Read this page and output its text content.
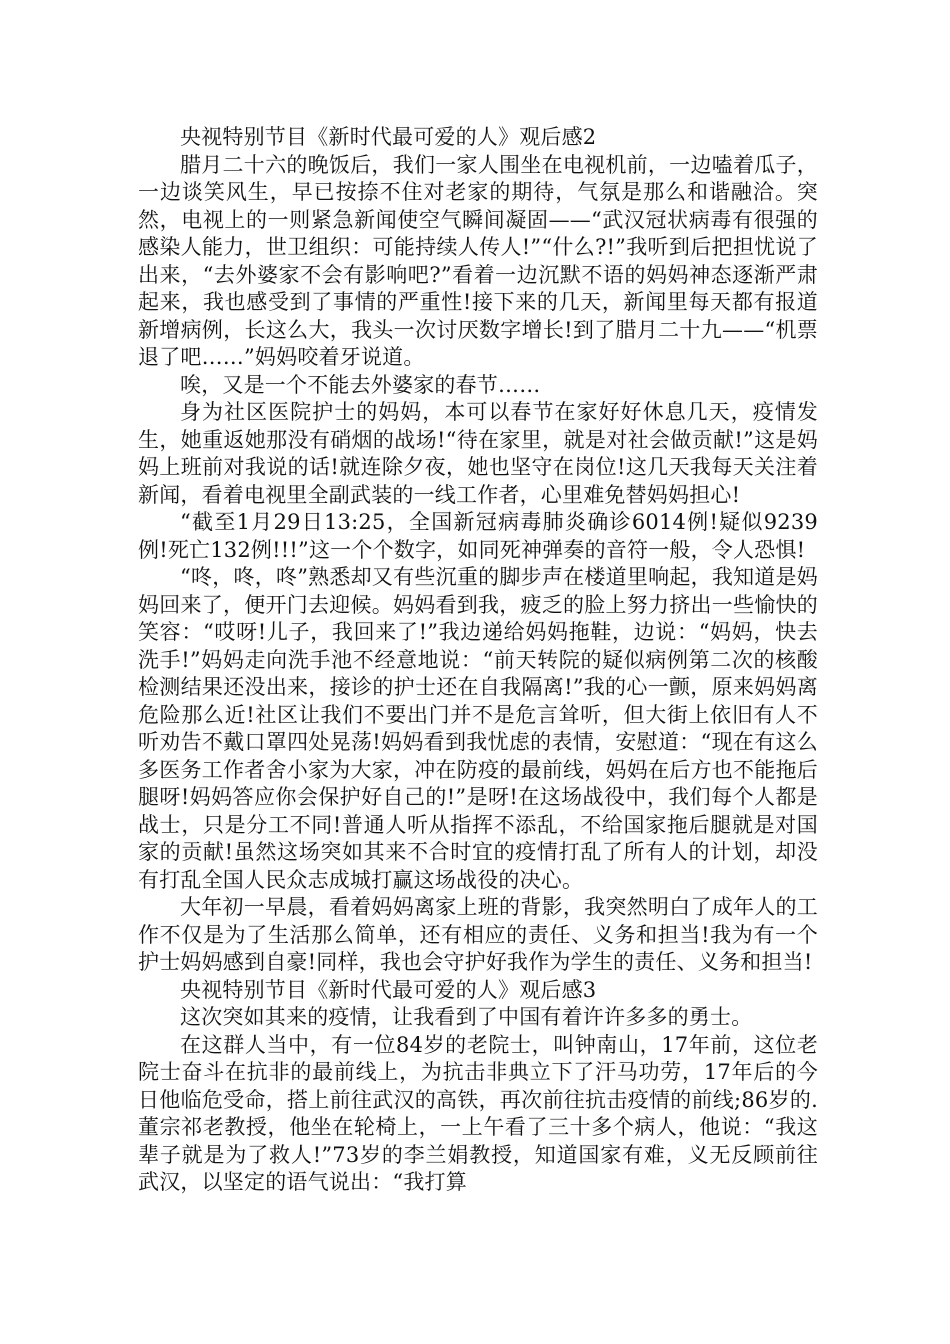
央视特别节目《新时代最可爱的人》观后感2

腊月二十六的晚饭后，我们一家人围坐在电视机前，一边嗑着瓜子，一边谈笑风生，早已按捺不住对老家的期待，气氛是那么和谐融洽。突然，电视上的一则紧急新闻使空气瞬间凝固——“武汉冠状病毒有很强的感染人能力，世卫组织：可能持续人传人!”“什么?!”我听到后把担忧说了出来，“去外婆家不会有影响吧?”看着一边沉默不语的妈妈神态逐渐严肃起来，我也感受到了事情的严重性!接下来的几天，新闻里每天都有报道新增病例，长这么大，我头一次讨厌数字增长!到了腊月二十九——“机票退了吧……”妈妈咬着牙说道。

唉，又是一个不能去外婆家的春节……

身为社区医院护士的妈妈，本可以春节在家好好休息几天，疫情发生，她重返她那没有硝烟的战场!“待在家里，就是对社会做贡献!”这是妈妈上班前对我说的话!就连除夕夜，她也坚守在岗位!这几天我每天关注着新闻，看着电视里全副武装的一线工作者，心里难免替妈妈担心!

“截至1月29日13:25，全国新冠病毒肺炎确诊6014例!疑似9239例!死亡132例!!!”这一个个数字，如同死神弹奏的音符一般，令人恐惧!

“咚，咚，咚”熟悉却又有些沉重的脚步声在楼道里响起，我知道是妈妈回来了，便开门去迎候。妈妈看到我，疲乏的脸上努力挤出一些愉快的笑容：“哎呀!儿子，我回来了!”我边递给妈妈拖鞋，边说：“妈妈，快去洗手!”妈妈走向洗手池不经意地说：“前天转院的疑似病例第二次的核酸检测结果还没出来，接诊的护士还在自我隔离!”我的心一颤，原来妈妈离危险那么近!社区让我们不要出门并不是危言耸听，但大街上依旧有人不听劝告不戴口罩四处晃荡!妈妈看到我忧虑的表情，安慰道：“现在有这么多医务工作者舍小家为大家，冲在防疫的最前线，妈妈在后方也不能拖后腿呀!妈妈答应你会保护好自己的!”是呀!在这场战役中，我们每个人都是战士，只是分工不同!普通人听从指挥不添乱，不给国家拖后腿就是对国家的贡献!虽然这场突如其来不合时宜的疫情打乱了所有人的计划，却没有打乱全国人民众志成城打赢这场战役的决心。

大年初一早晨，看着妈妈离家上班的背影，我突然明白了成年人的工作不仅是为了生活那么简单，还有相应的责任、义务和担当!我为有一个护士妈妈感到自豪!同样，我也会守护好我作为学生的责任、义务和担当!

央视特别节目《新时代最可爱的人》观后感3

这次突如其来的疫情，让我看到了中国有着许许多多的勇士。

在这群人当中，有一位84岁的老院士，叫钟南山，17年前，这位老院士奋斗在抗非的最前线上，为抗击非典立下了汗马功劳，17年后的今日他临危受命，搭上前往武汉的高铁，再次前往抗击疫情的前线;86岁的.董宗祁老教授，他坐在轮椅上，一上午看了三十多个病人，他说：“我这辈子就是为了救人!”73岁的李兰娟教授，知道国家有难，义无反顾前往武汉，以坚定的语气说出：“我打算
